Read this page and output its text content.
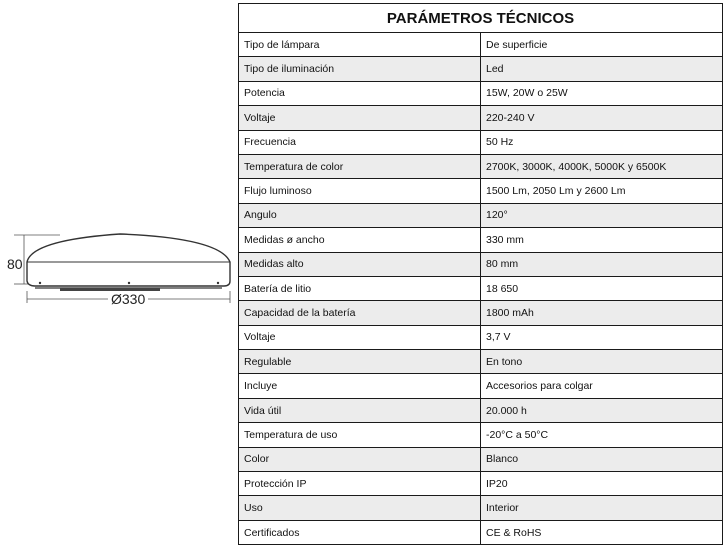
80
Ø330
PARÁMETROS TÉCNICOS	
Tipo de lámpara	De superficie
Tipo de iluminación	Led
Potencia	15W, 20W o 25W
Voltaje	220-240 V
Frecuencia	50 Hz
Temperatura de color	2700K, 3000K, 4000K, 5000K y 6500K
Flujo luminoso	1500 Lm, 2050 Lm y 2600 Lm
Angulo	120°
Medidas ø ancho	330 mm
Medidas alto	80 mm
Batería de litio	18 650
Capacidad de la batería	1800 mAh
Voltaje	3,7 V
Regulable	En tono
Incluye	Accesorios para colgar
Vida útil	20.000 h
Temperatura de uso	-20°C a 50°C
Color	Blanco
Protección IP	IP20
Uso	Interior
Certificados	CE & RoHS
